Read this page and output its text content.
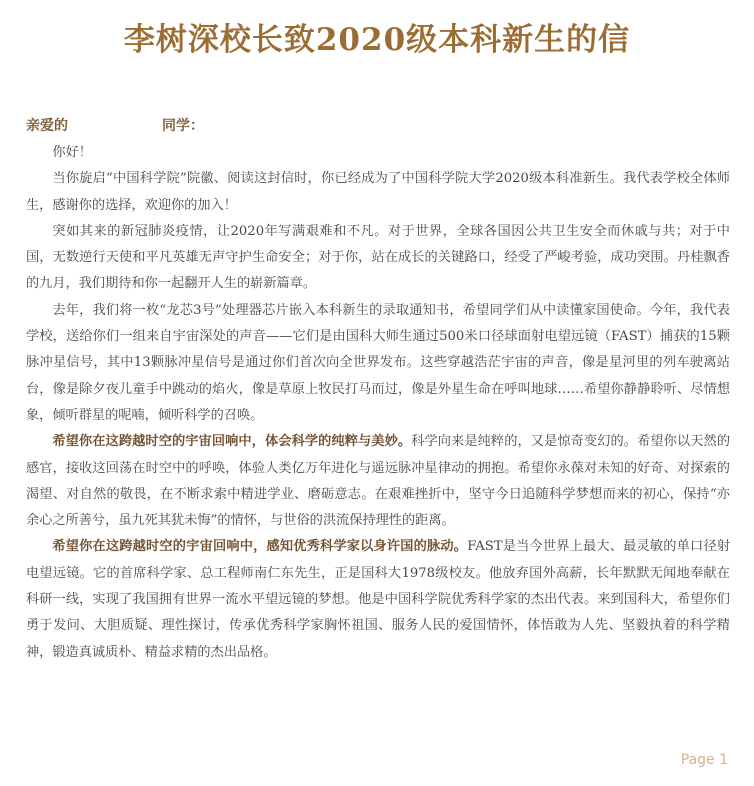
李树深校长致2020级本科新生的信
亲爱的	同学：

你好！

当你旋启“中国科学院”院徽、阅读这封信时，你已经成为了中国科学院大学2020级本科准新生。我代表学校全体师生，感谢你的选择，欢迎你的加入！

突如其来的新冠肺炎疫情，让2020年写满艰难和不凡。对于世界，全球各国因公共卫生安全而休戚与共；对于中国，无数逆行天使和平凡英雄无声守护生命安全；对于你，站在成长的关键路口，经受了严峻考验，成功突围。丹桂飘香的九月，我们期待和你一起翻开人生的崭新篇章。

去年，我们将一枚“龙芯3号”处理器芯片嵌入本科新生的录取通知书，希望同学们从中读懂家国使命。今年，我代表学校，送给你们一组来自宇宙深处的声音——它们是由国科大师生通过500米口径球面射电望远镜（FAST）捕获的15颗脉冲星信号，其中13颗脉冲星信号是通过你们首次向全世界发布。这些穿越浩茫宇宙的声音，像是星河里的列车驶离站台，像是除夕夜儿童手中跳动的焰火，像是草原上牧民打马而过，像是外星生命在呼叫地球……希望你静静聆听、尽情想象，倾听群星的呢喃，倾听科学的召唤。

希望你在这跨越时空的宇宙回响中，体会科学的纯粹与美妙。科学向来是纯粹的，又是惊奇变幻的。希望你以天然的感官，接收这回荡在时空中的呼唤，体验人类亿万年进化与遥远脉冲星律动的拥抱。希望你永葆对未知的好奇、对探索的渴望、对自然的敬畏，在不断求索中精进学业、磨砺意志。在艰难挫折中，坚守今日追随科学梦想而来的初心，保持“亦余心之所善兮，虽九死其犹未悔”的情怀，与世俗的洪流保持理性的距离。

希望你在这跨越时空的宇宙回响中，感知优秀科学家以身许国的脉动。FAST是当今世界上最大、最灵敏的单口径射电望远镜。它的首席科学家、总工程师南仁东先生，正是国科大1978级校友。他放弃国外高薪，长年默默无闻地奉献在科研一线，实现了我国拥有世界一流水平望远镜的梦想。他是中国科学院优秀科学家的杰出代表。来到国科大，希望你们勇于发问、大胆质疑、理性探讨，传承优秀科学家胸怀祖国、服务人民的爱国情怀，体悟敢为人先、坚毅执着的科学精神，锻造真诚质朴、精益求精的杰出品格。

Page 1
